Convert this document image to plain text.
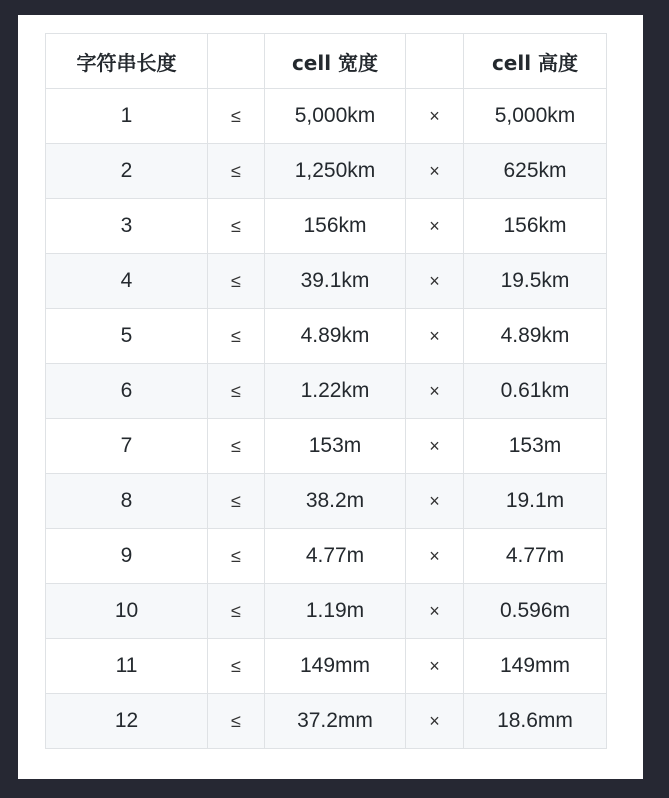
字符串长度		cell 宽度		cell 高度
1	≤	5,000km	×	5,000km
2	≤	1,250km	×	625km
3	≤	156km	×	156km
4	≤	39.1km	×	19.5km
5	≤	4.89km	×	4.89km
6	≤	1.22km	×	0.61km
7	≤	153m	×	153m
8	≤	38.2m	×	19.1m
9	≤	4.77m	×	4.77m
10	≤	1.19m	×	0.596m
11	≤	149mm	×	149mm
12	≤	37.2mm	×	18.6mm
